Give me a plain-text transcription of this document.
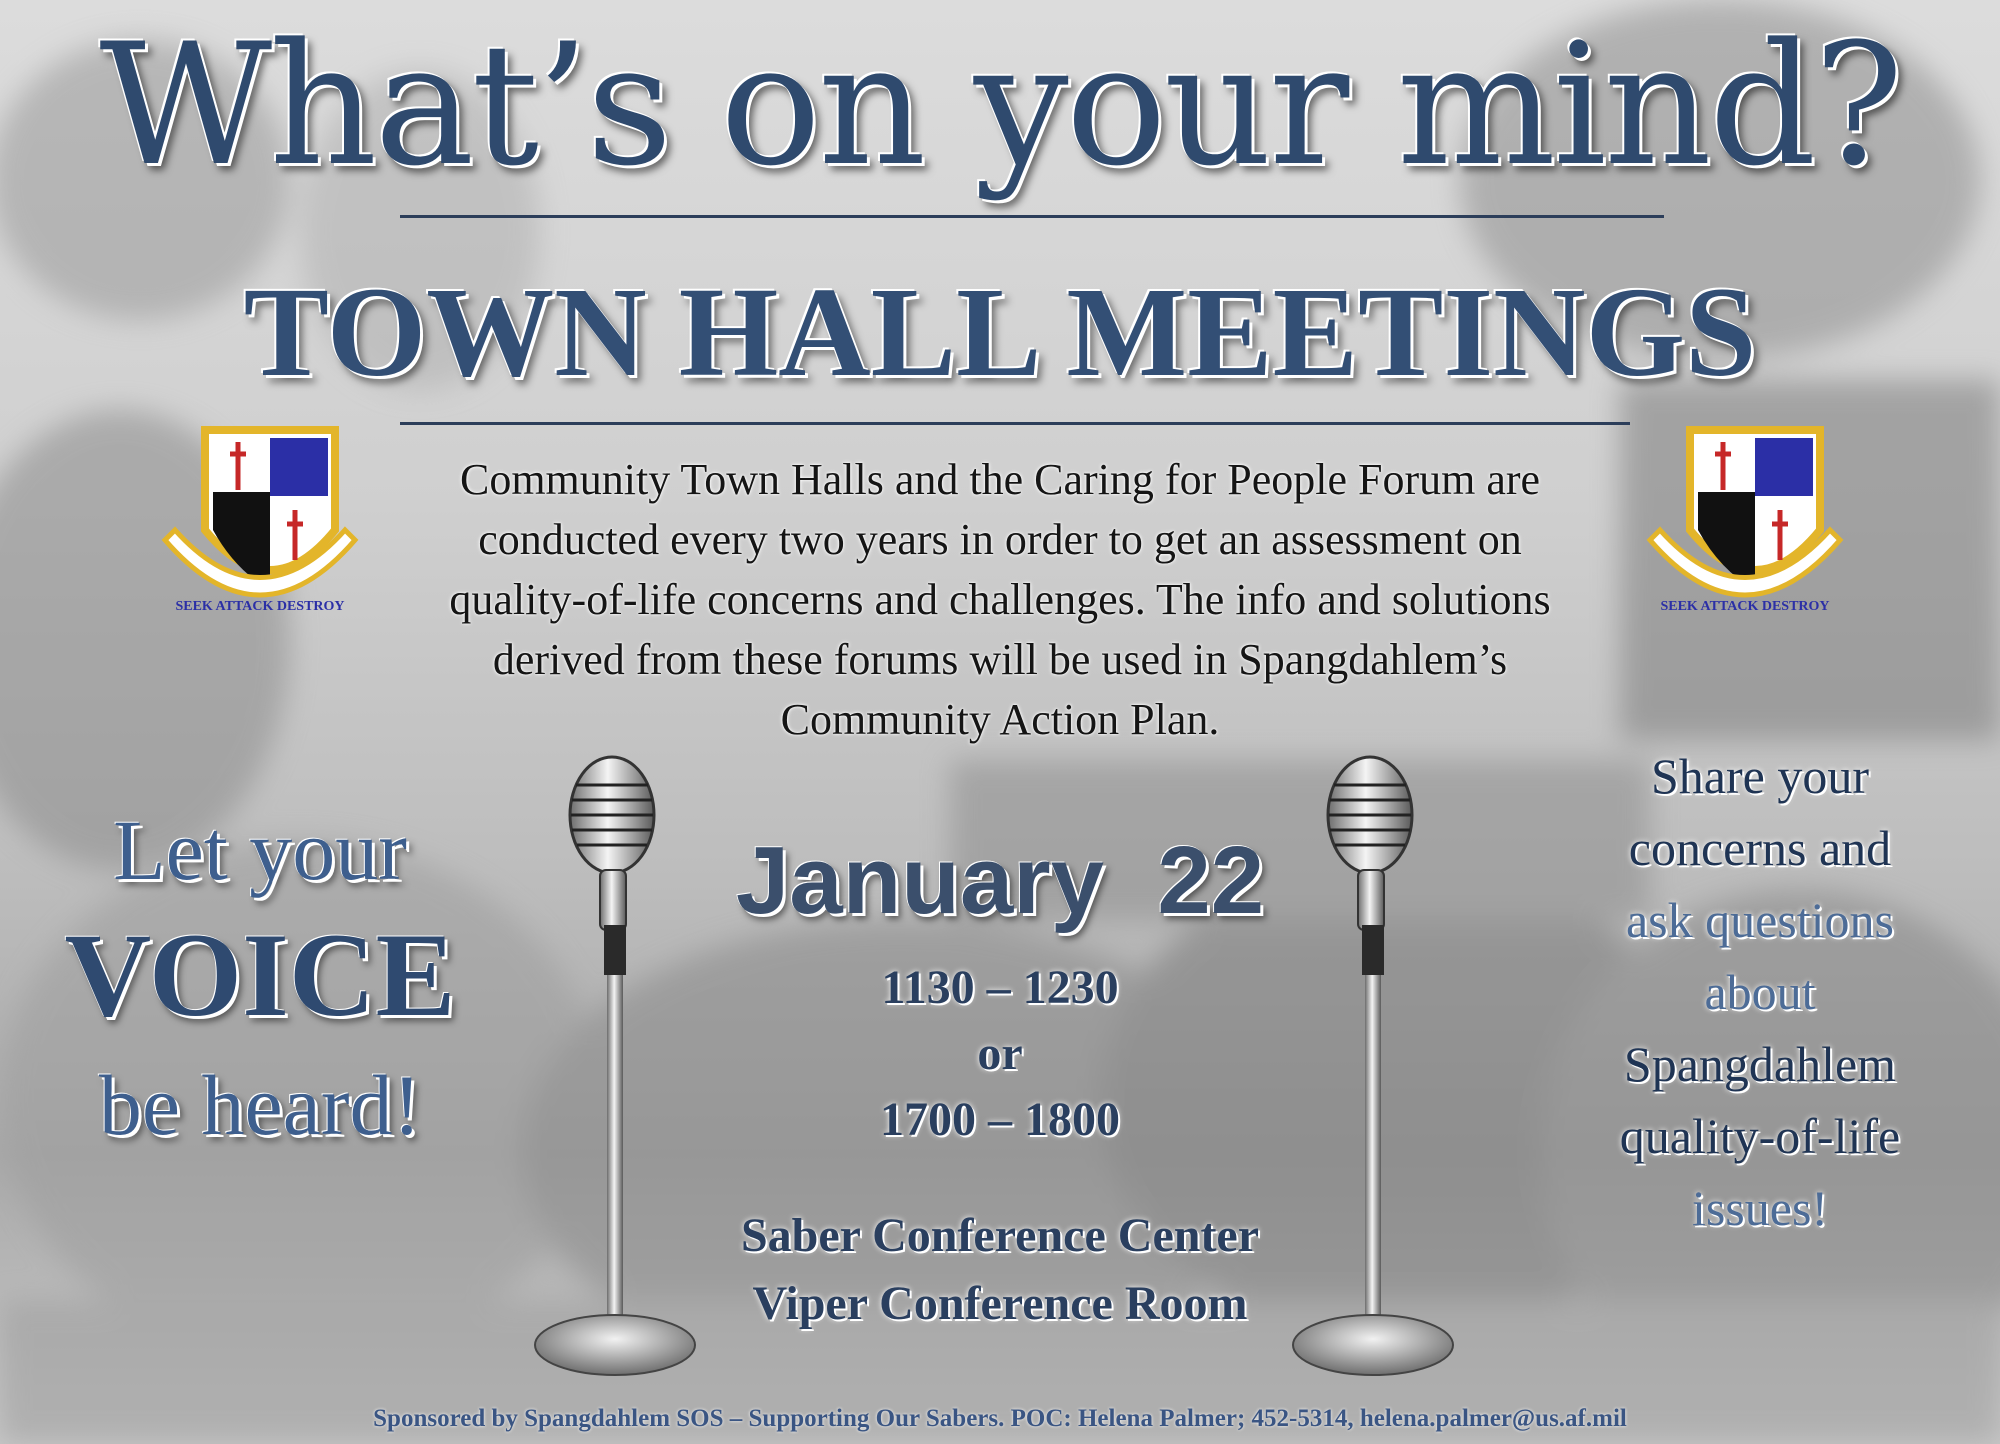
What’s on your mind?
TOWN HALL MEETINGS
SEEK ATTACK DESTROY	SEEK ATTACK DESTROY
Community Town Halls and the Caring for People Forum are conducted every two years in order to get an assessment on quality-of-life concerns and challenges. The info and solutions derived from these forums will be used in Spangdahlem’s Community Action Plan.
Let your
VOICE
be heard!
January  22
1130 – 1230
or
1700 – 1800
Saber Conference Center
Viper Conference Room
Share your
concerns and
ask questions
about
Spangdahlem
quality-of-life
issues!
Sponsored by Spangdahlem SOS – Supporting Our Sabers. POC: Helena Palmer; 452-5314, helena.palmer@us.af.mil
